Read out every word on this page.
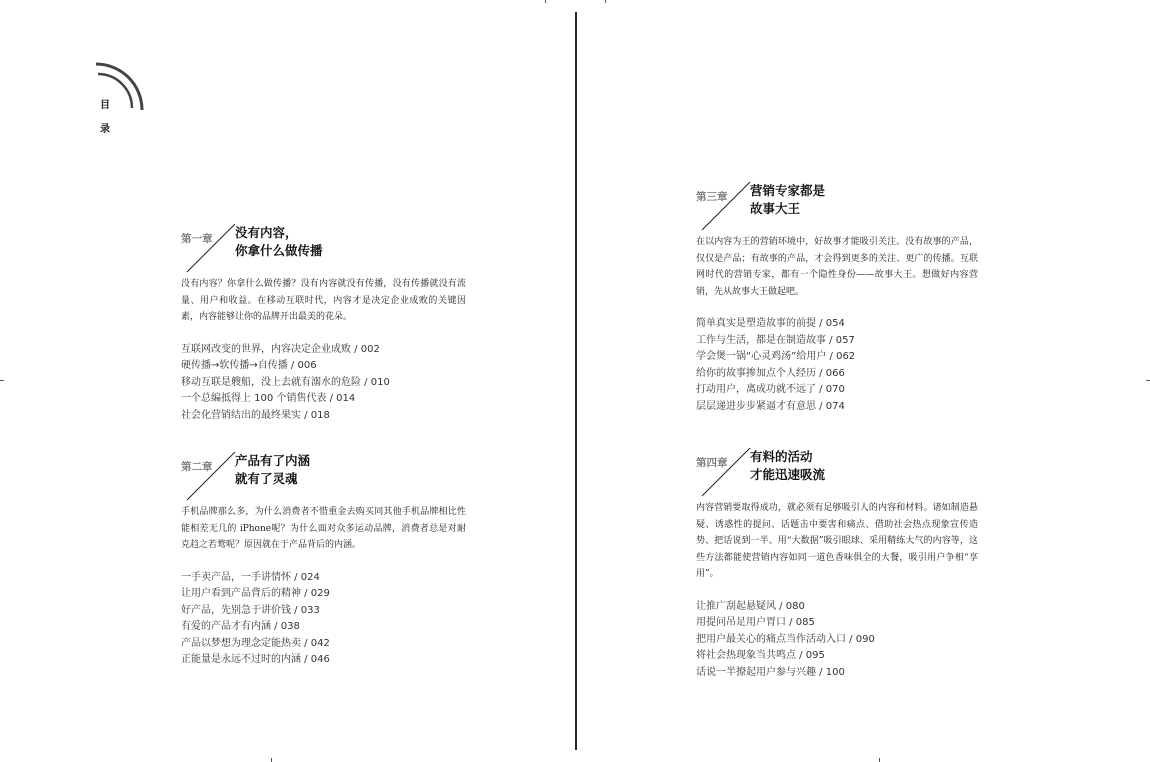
目
录
第一章 没有内容，
你拿什么做传播

没有内容？你拿什么做传播？没有内容就没有传播，没有传播就没有流量、用户和收益。在移动互联时代，内容才是决定企业成败的关键因素，内容能够让你的品牌开出最美的花朵。

互联网改变的世界，内容决定企业成败 / 002
硬传播→软传播→自传播 / 006
移动互联是艘船，没上去就有溺水的危险 / 010
一个总编抵得上 100 个销售代表 / 014
社会化营销结出的最终果实 / 018
第二章 产品有了内涵
就有了灵魂

手机品牌那么多，为什么消费者不惜重金去购买同其他手机品牌相比性能相差无几的 iPhone呢？为什么面对众多运动品牌，消费者总是对耐克趋之若鹜呢？原因就在于产品背后的内涵。

一手卖产品，一手讲情怀 / 024
让用户看到产品背后的精神 / 029
好产品，先别急于讲价钱 / 033
有爱的产品才有内涵 / 038
产品以梦想为理念定能热卖 / 042
正能量是永远不过时的内涵 / 046
第三章 营销专家都是
故事大王

在以内容为王的营销环境中，好故事才能吸引关注。没有故事的产品，仅仅是产品；有故事的产品，才会得到更多的关注、更广的传播。互联网时代的营销专家，都有一个隐性身份——故事大王。想做好内容营销，先从故事大王做起吧。

简单真实是塑造故事的前提 / 054
工作与生活，都是在制造故事 / 057
学会煲一锅“心灵鸡汤”给用户 / 062
给你的故事掺加点个人经历 / 066
打动用户，离成功就不远了 / 070
层层递进步步紧逼才有意思 / 074
第四章 有料的活动
才能迅速吸流

内容营销要取得成功，就必须有足够吸引人的内容和材料。诸如制造悬疑、诱惑性的提问、话题击中要害和痛点、借助社会热点现象宣传造势、把话说到一半、用“大数据”吸引眼球、采用精练大气的内容等，这些方法都能使营销内容如同一道色香味俱全的大餐，吸引用户争相“享用”。

让推广刮起悬疑风 / 080
用提问吊足用户胃口 / 085
把用户最关心的痛点当作活动入口 / 090
将社会热现象当共鸣点 / 095
话说一半撩起用户参与兴趣 / 100
